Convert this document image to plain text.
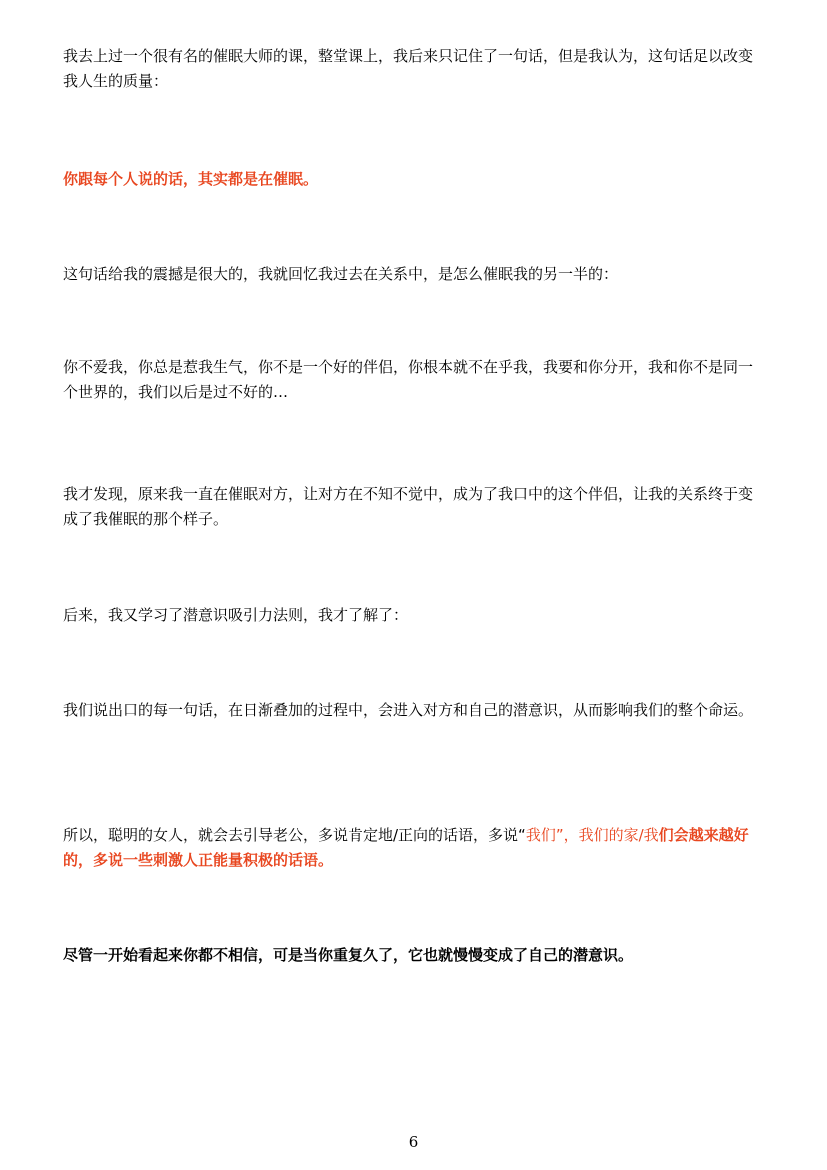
我去上过一个很有名的催眠大师的课，整堂课上，我后来只记住了一句话，但是我认为，这句话足以改变我人生的质量：

你跟每个人说的话，其实都是在催眠。

这句话给我的震撼是很大的，我就回忆我过去在关系中，是怎么催眠我的另一半的：

你不爱我，你总是惹我生气，你不是一个好的伴侣，你根本就不在乎我，我要和你分开，我和你不是同一个世界的，我们以后是过不好的…

我才发现，原来我一直在催眠对方，让对方在不知不觉中，成为了我口中的这个伴侣，让我的关系终于变成了我催眠的那个样子。

后来，我又学习了潜意识吸引力法则，我才了解了：

我们说出口的每一句话，在日渐叠加的过程中，会进入对方和自己的潜意识，从而影响我们的整个命运。

所以，聪明的女人，就会去引导老公，多说肯定地/正向的话语，多说“我们”，我们的家/我们会越来越好的，多说一些刺激人正能量积极的话语。

尽管一开始看起来你都不相信，可是当你重复久了，它也就慢慢变成了自己的潜意识。

6
